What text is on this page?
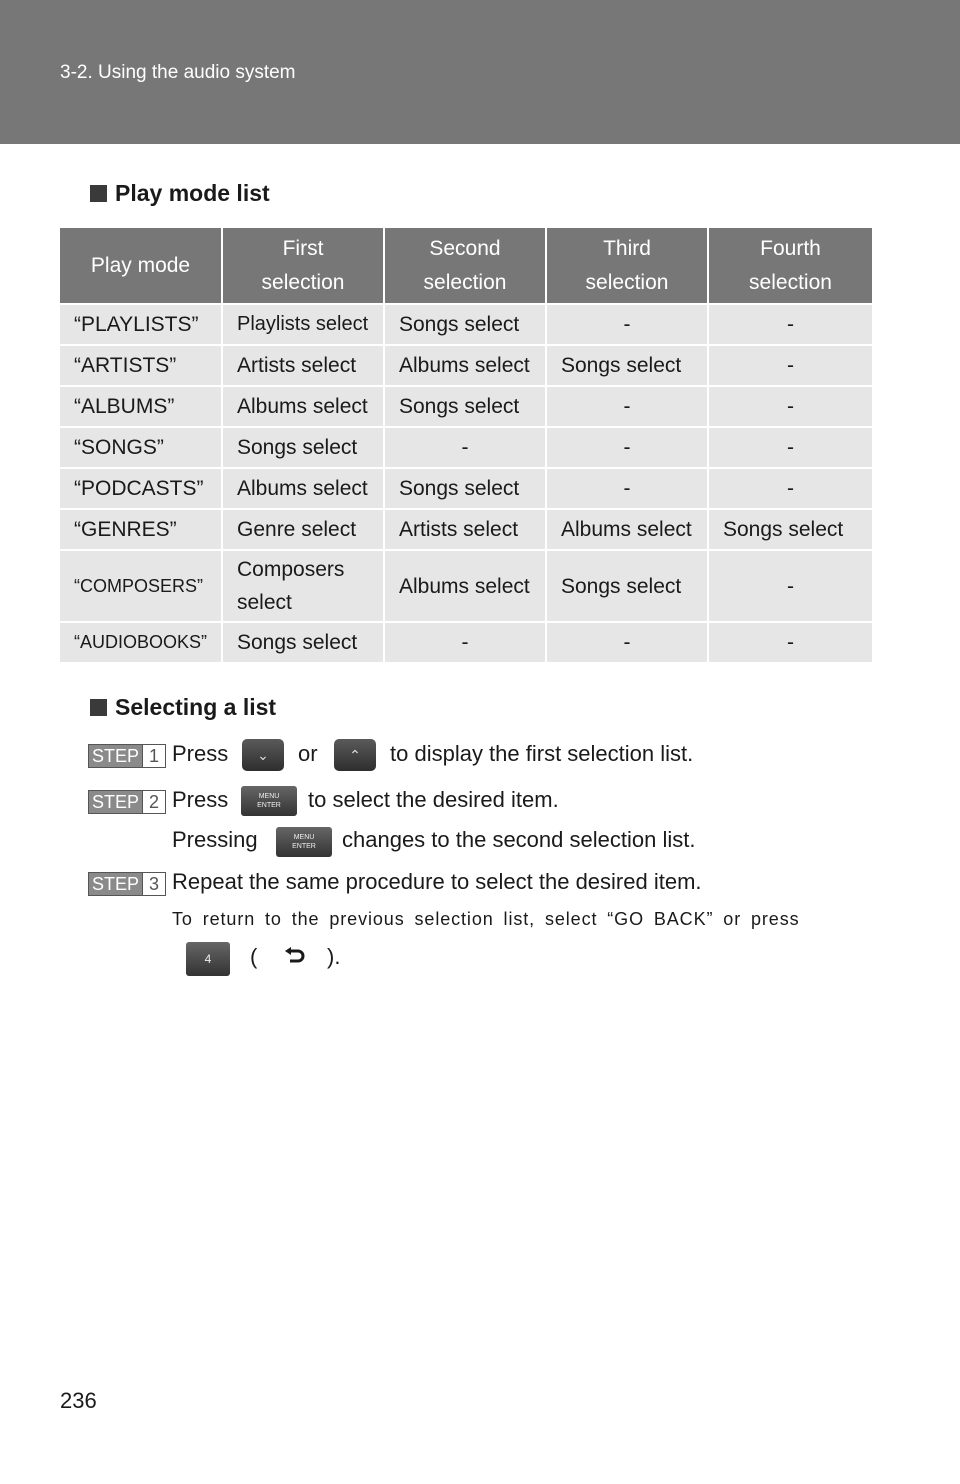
3-2. Using the audio system
Play mode list
Play mode	First selection	Second selection	Third selection	Fourth selection
“PLAYLISTS”	Playlists select	Songs select	-	-
“ARTISTS”	Artists select	Albums select	Songs select	-
“ALBUMS”	Albums select	Songs select	-	-
“SONGS”	Songs select	-	-	-
“PODCASTS”	Albums select	Songs select	-	-
“GENRES”	Genre select	Artists select	Albums select	Songs select
“COMPOSERS”	Composers select	Albums select	Songs select	-
“AUDIOBOOKS”	Songs select	-	-	-
Selecting a list
STEP 1 Press	⌄	or	⌃	to display the first selection list.
STEP 2 Press	MENU
ENTER	to select the desired item.
Pressing	MENU
ENTER	changes to the second selection list.
STEP 3 Repeat the same procedure to select the desired item.
To return to the previous selection list, select “GO BACK” or press
4	(	).
236
